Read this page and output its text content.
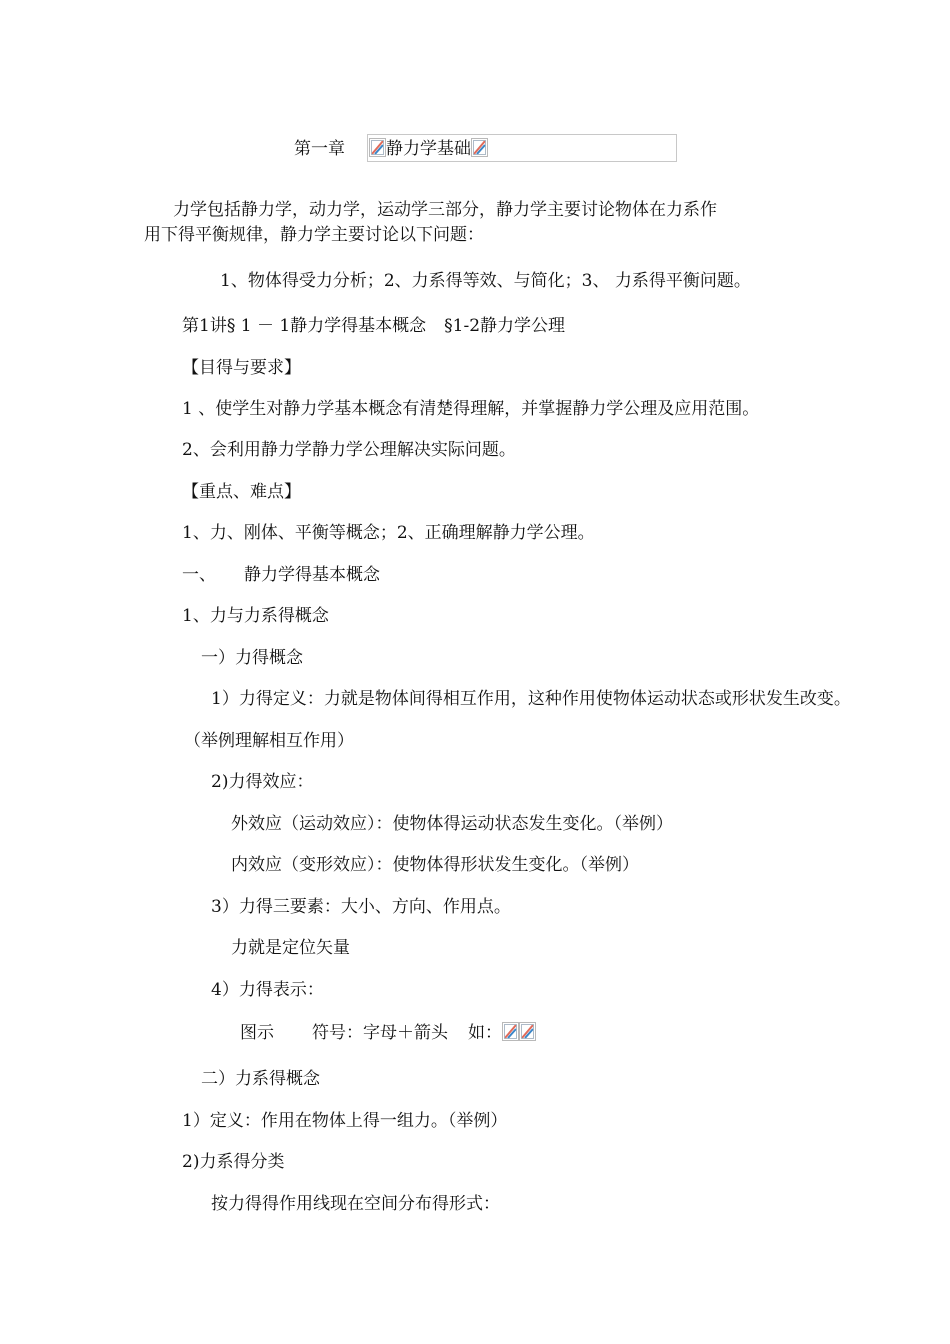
第一章	静力学基础
力学包括静力学，动力学，运动学三部分，静力学主要讨论物体在力系作
用下得平衡规律，静力学主要讨论以下问题：
1、物体得受力分析；2、力系得等效、与简化；3、 力系得平衡问题。
第1讲§ 1 － 1静力学得基本概念 §1-2静力学公理
【目得与要求】
1 、使学生对静力学基本概念有清楚得理解，并掌握静力学公理及应用范围。
2、会利用静力学静力学公理解决实际问题。
【重点、难点】
1、力、刚体、平衡等概念；2、正确理解静力学公理。
一、 静力学得基本概念
1、力与力系得概念
一）力得概念
1）力得定义：力就是物体间得相互作用，这种作用使物体运动状态或形状发生改变。
（举例理解相互作用）
2)力得效应：
外效应（运动效应）：使物体得运动状态发生变化。（举例）
内效应（变形效应）：使物体得形状发生变化。（举例）
3）力得三要素：大小、方向、作用点。
力就是定位矢量
4）力得表示：
图示 符号：字母＋箭头 如：
二）力系得概念
1）定义：作用在物体上得一组力。（举例）
2)力系得分类
按力得得作用线现在空间分布得形式：
